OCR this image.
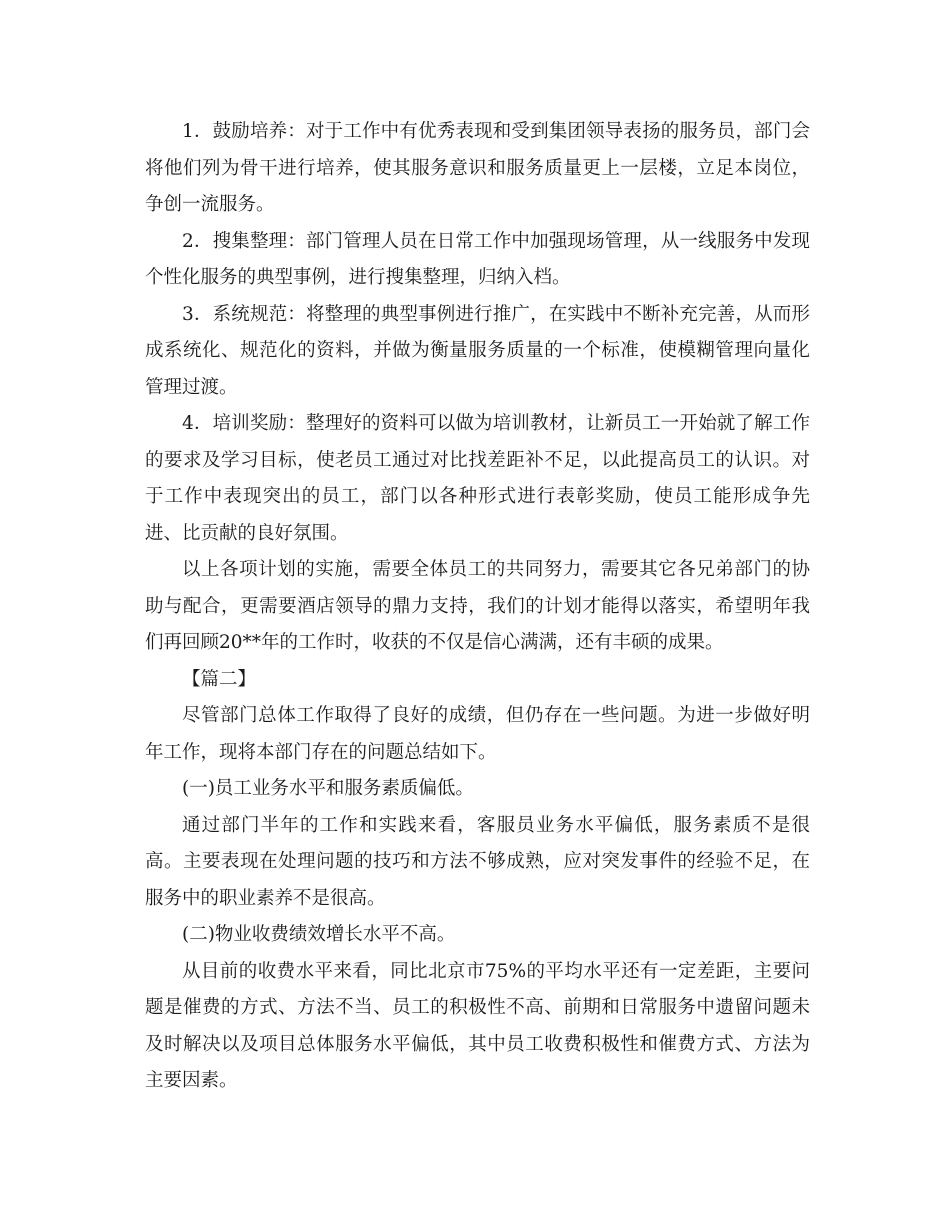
1．鼓励培养：对于工作中有优秀表现和受到集团领导表扬的服务员，部门会将他们列为骨干进行培养，使其服务意识和服务质量更上一层楼，立足本岗位，争创一流服务。

2．搜集整理：部门管理人员在日常工作中加强现场管理，从一线服务中发现个性化服务的典型事例，进行搜集整理，归纳入档。

3．系统规范：将整理的典型事例进行推广，在实践中不断补充完善，从而形成系统化、规范化的资料，并做为衡量服务质量的一个标准，使模糊管理向量化管理过渡。

4．培训奖励：整理好的资料可以做为培训教材，让新员工一开始就了解工作的要求及学习目标，使老员工通过对比找差距补不足，以此提高员工的认识。对于工作中表现突出的员工，部门以各种形式进行表彰奖励，使员工能形成争先进、比贡献的良好氛围。

以上各项计划的实施，需要全体员工的共同努力，需要其它各兄弟部门的协助与配合，更需要酒店领导的鼎力支持，我们的计划才能得以落实，希望明年我们再回顾20**年的工作时，收获的不仅是信心满满，还有丰硕的成果。

【篇二】

尽管部门总体工作取得了良好的成绩，但仍存在一些问题。为进一步做好明年工作，现将本部门存在的问题总结如下。

(一)员工业务水平和服务素质偏低。

通过部门半年的工作和实践来看，客服员业务水平偏低，服务素质不是很高。主要表现在处理问题的技巧和方法不够成熟，应对突发事件的经验不足，在服务中的职业素养不是很高。

(二)物业收费绩效增长水平不高。

从目前的收费水平来看，同比北京市75%的平均水平还有一定差距，主要问题是催费的方式、方法不当、员工的积极性不高、前期和日常服务中遗留问题未及时解决以及项目总体服务水平偏低，其中员工收费积极性和催费方式、方法为主要因素。
